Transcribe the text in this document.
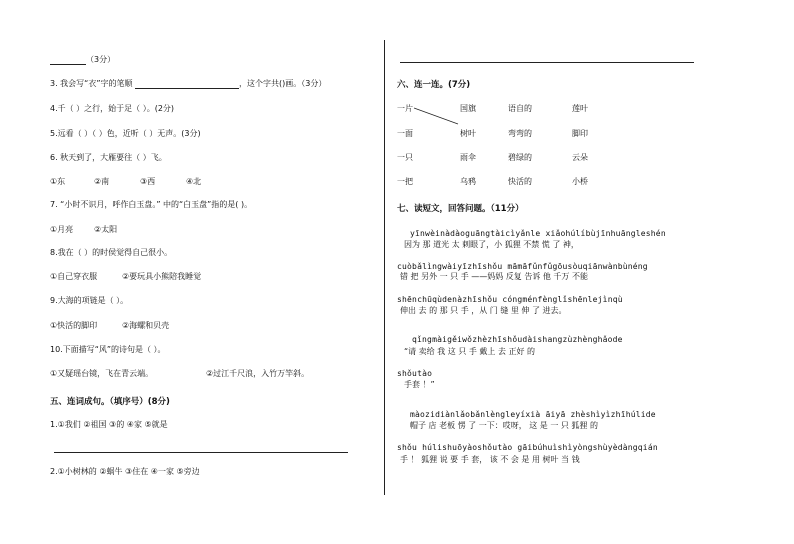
（3分）
3. 我会写“衣”字的笔顺	，这个字共()画。（3分）
4.千（ ）之行，始于足（ ）。(2分)
5.远看（ ）（ ）色，近听（ ）无声。(3分)
6. 秋天到了，大雁要往（ ）飞。
①东	②南	③西	④北
7. “小时不识月，呼作白玉盘。” 中的“白玉盘”指的是( )。
①月亮	②太阳
8.我在（ ）的时侯觉得自己很小。
①自己穿衣服	②要玩具小熊陪我睡觉
9.大海的项链是（ ）。
①快活的脚印	②海螺和贝壳
10.下面描写“风”的诗句是（ ）。
①又疑瑶台镜，飞在青云端。	②过江千尺浪，入竹万竿斜。
五、连词成句。（填序号）(8分)
1.①我们 ②祖国 ③的 ④家 ⑤就是
2.①小树林的 ②蜗牛 ③住在 ④一家 ⑤旁边
六、连一连。(7分)
一片	国旗	语自的	莲叶
一面	树叶	弯弯的	脚印
一只	雨伞	碧绿的	云朵
一把	乌鸦	快活的	小桥
七、读短文，回答问题。（11分）
yīnwèinàdàoguāngtàicìyǎnle xiǎohúlíbùjīnhuāngleshén
因为 那 道光 太 刺眼了，小 狐狸 不禁 慌 了 神，
cuòbǎlìngwàiyīzhīshǒu māmāfǔnfǔgōusòuqiānwànbùnéng
错 把 另外 一 只 手 ——妈妈 反复 告诉 他 千万 不能
shēnchūqùdenàzhīshǒu cóngménfènglǐshēnlejìnqù
伸出 去 的 那 只 手 ，从 门 缝 里 伸 了 进去。
qǐngmàigěiwǒzhèzhīshǒudàishangzùzhènghǎode
“请 卖给 我 这 只 手 戴上 去 正好 的
shǒutào
手套 ！”
màozidiànlǎobǎnlèngleyíxià āiyā zhèshìyìzhīhúlide
帽子 店 老板 愣 了 一下：哎呀， 这 是 一 只 狐狸 的
shǒu húlishuōyàoshǒutào gāibúhuìshìyòngshùyèdàngqián
手 ！ 狐狸 说 要 手 套， 该 不 会 是 用 树叶 当 钱
